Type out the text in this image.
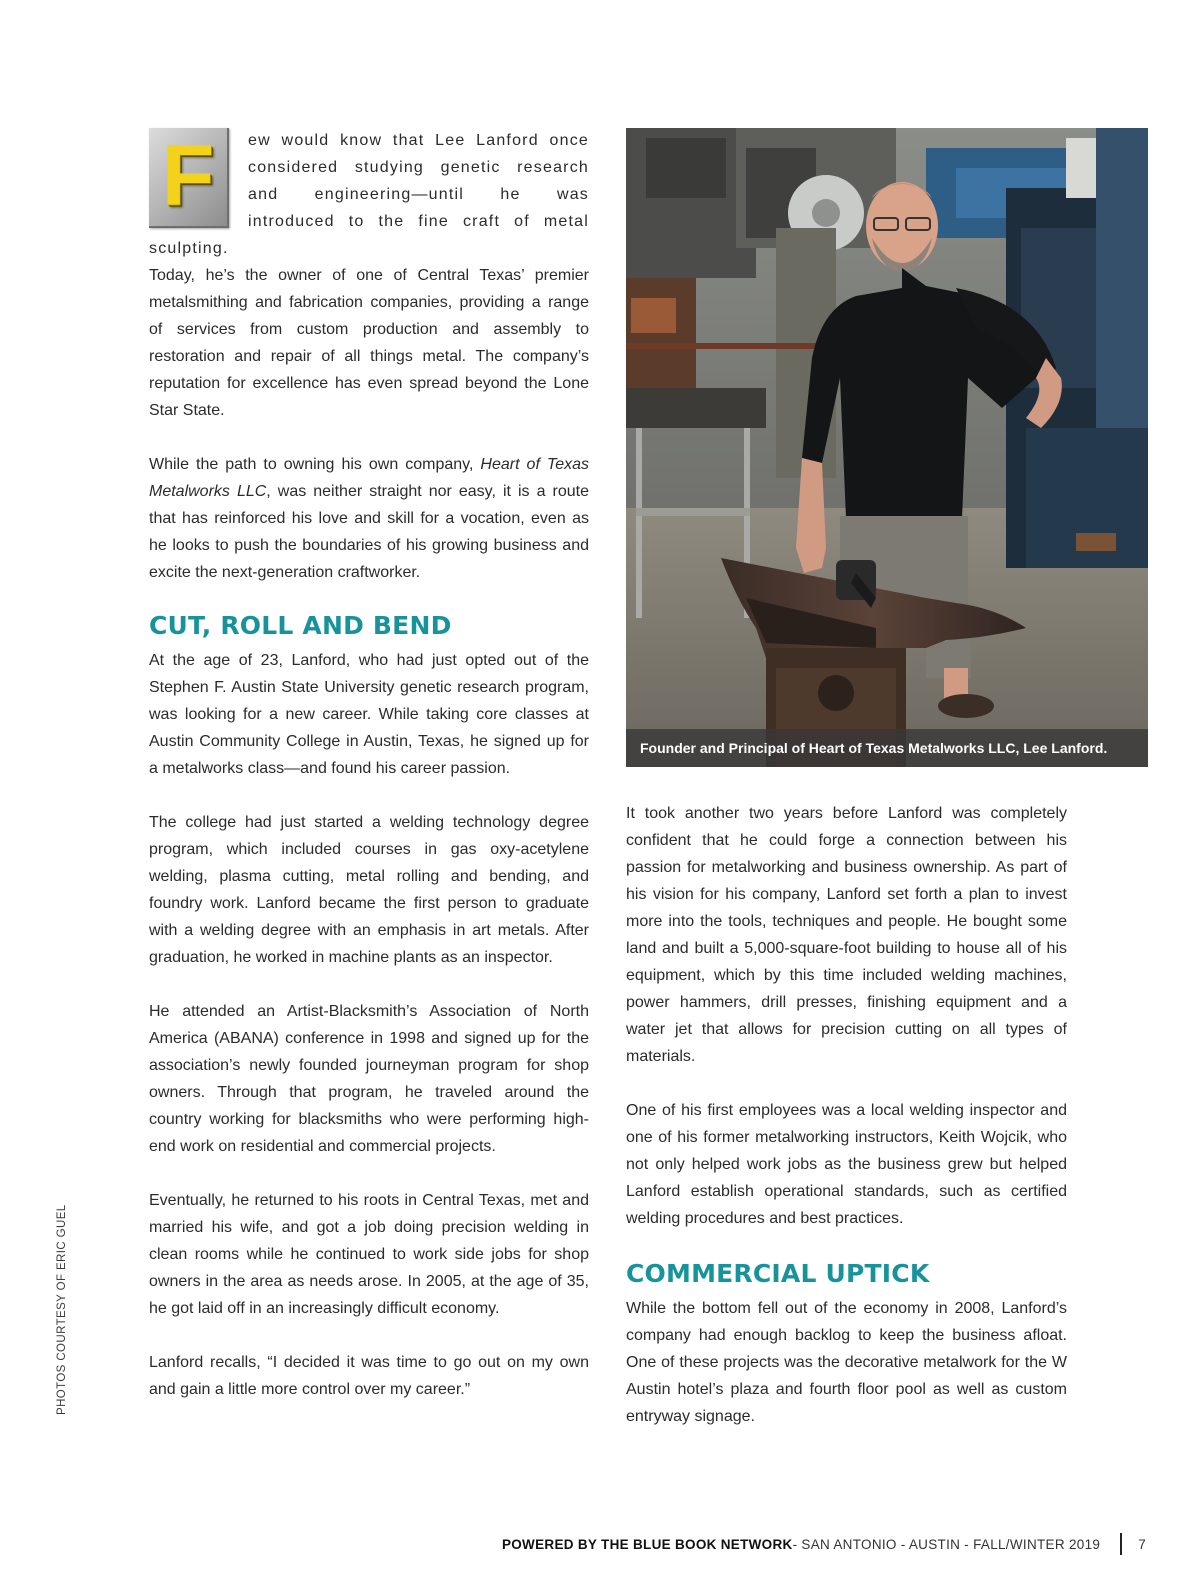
F	ew would know that Lee Lanford once considered studying genetic research and engineering—until he was introduced to the fine craft of metal sculpting.

Today, he’s the owner of one of Central Texas’ premier metalsmithing and fabrication companies, providing a range of services from custom production and assembly to restoration and repair of all things metal. The company’s reputation for excellence has even spread beyond the Lone Star State.

While the path to owning his own company, Heart of Texas Metalworks LLC, was neither straight nor easy, it is a route that has reinforced his love and skill for a vocation, even as he looks to push the boundaries of his growing business and excite the next-generation craftworker.

CUT, ROLL AND BEND

At the age of 23, Lanford, who had just opted out of the Stephen F. Austin State University genetic research program, was looking for a new career. While taking core classes at Austin Community College in Austin, Texas, he signed up for a metalworks class—and found his career passion.

The college had just started a welding technology degree program, which included courses in gas oxy-acetylene welding, plasma cutting, metal rolling and bending, and foundry work. Lanford became the first person to graduate with a welding degree with an emphasis in art metals. After graduation, he worked in machine plants as an inspector.

He attended an Artist-Blacksmith’s Association of North America (ABANA) conference in 1998 and signed up for the association’s newly founded journeyman program for shop owners. Through that program, he traveled around the country working for blacksmiths who were performing high-end work on residential and commercial projects.

Eventually, he returned to his roots in Central Texas, met and married his wife, and got a job doing precision welding in clean rooms while he continued to work side jobs for shop owners in the area as needs arose. In 2005, at the age of 35, he got laid off in an increasingly difficult economy.

Lanford recalls, “I decided it was time to go out on my own and gain a little more control over my career.”

Founder and Principal of Heart of Texas Metalworks LLC, Lee Lanford.

It took another two years before Lanford was completely confident that he could forge a connection between his passion for metalworking and business ownership. As part of his vision for his company, Lanford set forth a plan to invest more into the tools, techniques and people. He bought some land and built a 5,000-square-foot building to house all of his equipment, which by this time included welding machines, power hammers, drill presses, finishing equipment and a water jet that allows for precision cutting on all types of materials.

One of his first employees was a local welding inspector and one of his former metalworking instructors, Keith Wojcik, who not only helped work jobs as the business grew but helped Lanford establish operational standards, such as certified welding procedures and best practices.

COMMERCIAL UPTICK

While the bottom fell out of the economy in 2008, Lanford’s company had enough backlog to keep the business afloat. One of these projects was the decorative metalwork for the W Austin hotel’s plaza and fourth floor pool as well as custom entryway signage.

PHOTOS COURTESY OF ERIC GUEL
POWERED BY THE BLUE BOOK NETWORK - SAN ANTONIO - AUSTIN - FALL/WINTER 2019	7
